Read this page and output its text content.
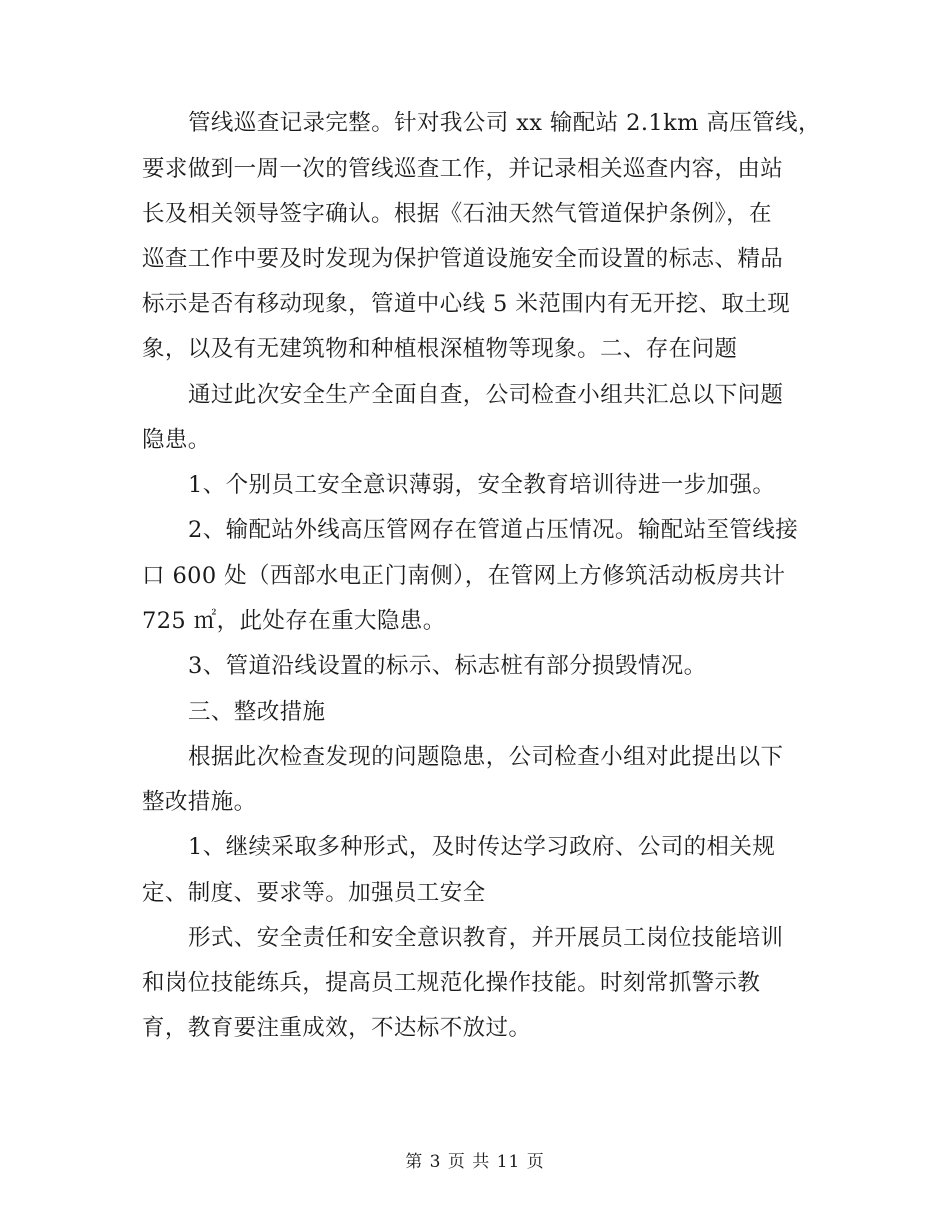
管线巡查记录完整。针对我公司 xx 输配站 2.1km 高压管线，
要求做到一周一次的管线巡查工作，并记录相关巡查内容，由站
长及相关领导签字确认。根据《石油天然气管道保护条例》，在
巡查工作中要及时发现为保护管道设施安全而设置的标志、精品
标示是否有移动现象，管道中心线 5 米范围内有无开挖、取土现
象，以及有无建筑物和种植根深植物等现象。二、存在问题
通过此次安全生产全面自查，公司检查小组共汇总以下问题
隐患。
1、个别员工安全意识薄弱，安全教育培训待进一步加强。
2、输配站外线高压管网存在管道占压情况。输配站至管线接
口 600 处（西部水电正门南侧），在管网上方修筑活动板房共计
725 ㎡，此处存在重大隐患。
3、管道沿线设置的标示、标志桩有部分损毁情况。
三、整改措施
根据此次检查发现的问题隐患，公司检查小组对此提出以下
整改措施。
1、继续采取多种形式，及时传达学习政府、公司的相关规
定、制度、要求等。加强员工安全
形式、安全责任和安全意识教育，并开展员工岗位技能培训
和岗位技能练兵，提高员工规范化操作技能。时刻常抓警示教
育，教育要注重成效，不达标不放过。
第 3 页 共 11 页
